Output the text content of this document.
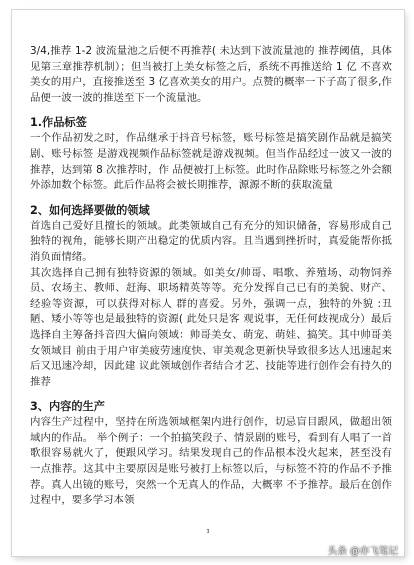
3/4,推荐 1-2 波流量池之后便不再推荐( 未达到下波流量池的 推荐阈值，具体见第三章推荐机制）；但当被打上美女标签之后，系统不再推送给 1 亿 不喜欢美女的用户，直接推送至 3 亿喜欢美女的用户。点赞的概率一下子高了很多,作品便一波一波的推送至下一个流量池。

1.作品标签

一个作品初发之时，作品继承于抖音号标签，账号标签是搞笑剧作品就是搞笑剧、账号标签 是游戏视频作品标签就是游戏视频。但当作品经过一波又一波的推荐，达到第 8 次推荐时，作 品便被打上标签。此时作品除账号标签之外会额外添加数个标签。此后作品将会被长期推荐，源源不断的获取流量

2、如何选择要做的领域

首选自己爱好且擅长的领域。此类领域自己有充分的知识储备，容易形成自己独特的视角，能够长期产出稳定的优质内容。且当遇到挫折时，真爱能帮你抵消负面情绪。

其次选择自己拥有独特资源的领域。如美女/帅哥、唱歌、养殖场、动物饲养员、农场主、教师、赶海、职场精英等等。充分发挥自己已有的美貌、财产、经验等资源，可以获得对标人 群的喜爱。另外，强调一点，独特的外貌 :丑陋、矮小等等也是最独特的资源( 此处只是客 观说事，无任何歧视成分）最后选择自主筹备抖音四大偏向领域：帅哥美女、萌宠、萌娃、搞笑。其中帅哥美女领域目 前由于用户审美疲劳速度快、审美观念更新快导致很多达人迅速起来后又迅速冷却，因此建 议此领域创作者结合才艺、技能等进行创作会有持久的推荐

3、内容的生产

内容生产过程中，坚持在所选领域框架内进行创作，切忌盲目跟风，做超出领域内的作品。 举个例子：一个拍搞笑段子、情景剧的账号，看到有人唱了一首歌很容易就火了，便跟风学习。结果发现自己的作品根本没火起来，甚至没有一点推荐。这其中主要原因是账号被打上标签以后，与标签不符的作品不予推荐。真人出镜的账号，突然一个无真人的作品，大概率 不予推荐。最后在创作过程中，要多学习本领

3
头条 @亦飞笔记
